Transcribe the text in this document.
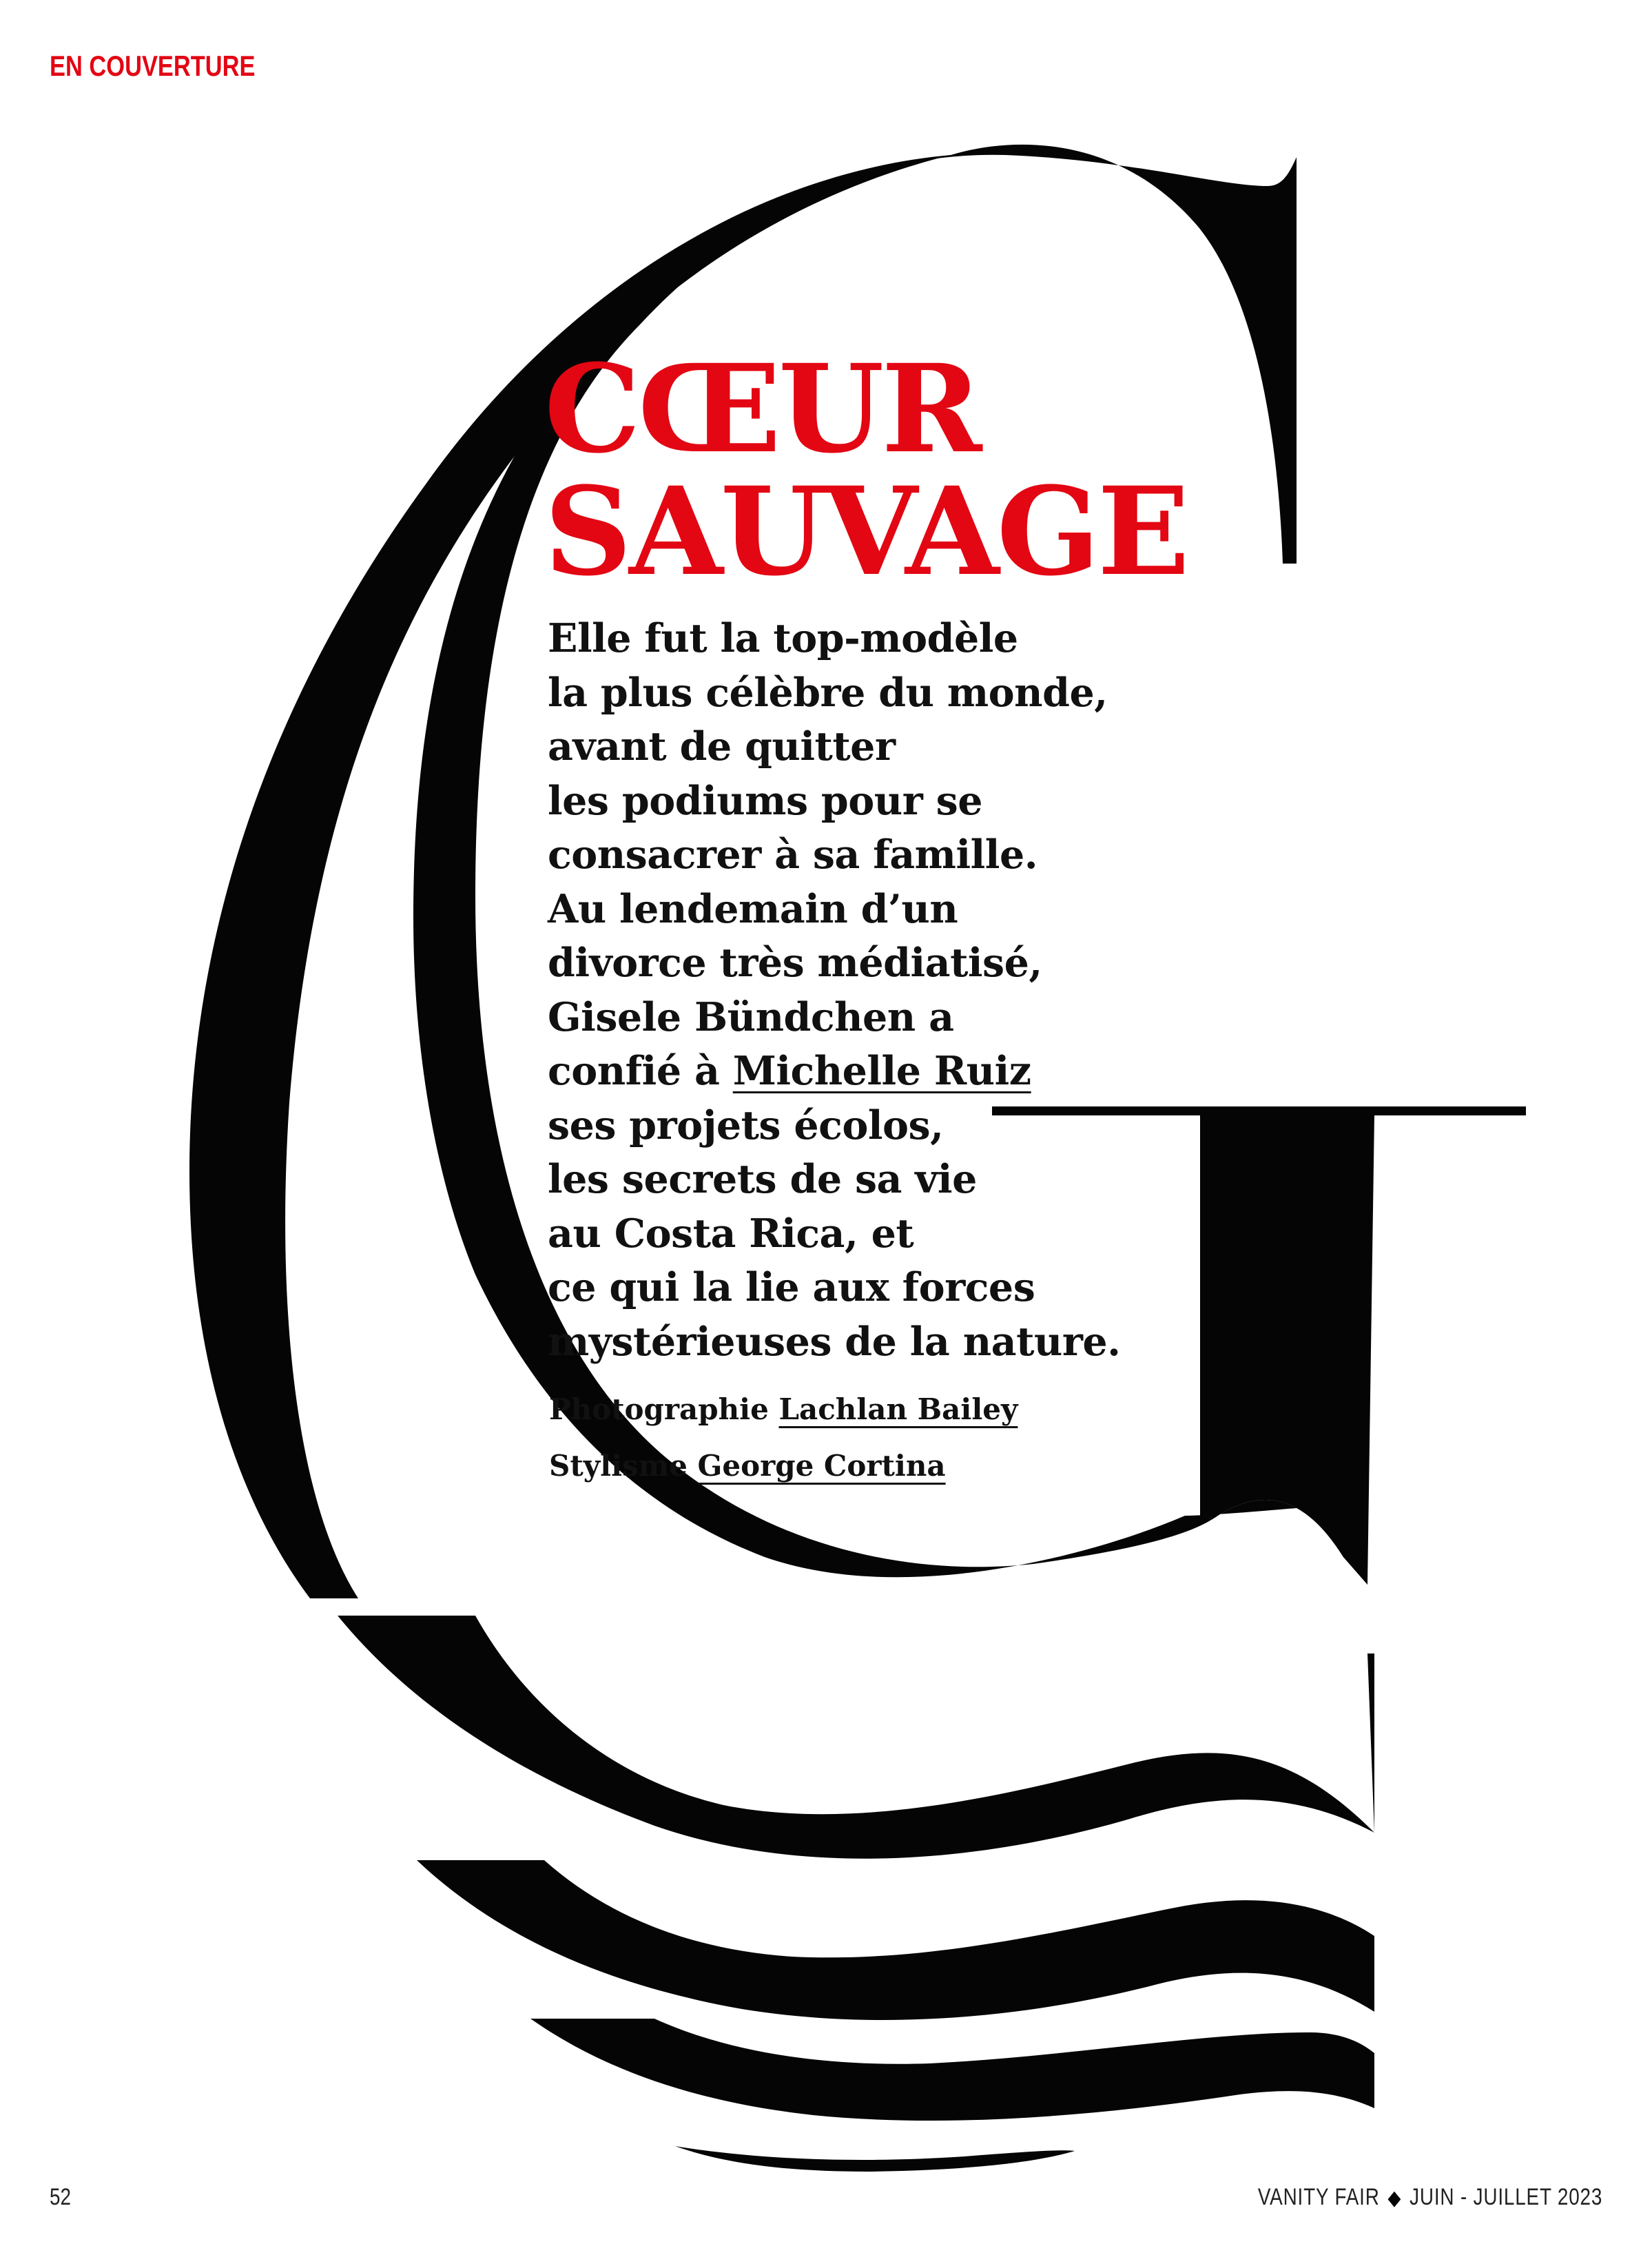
EN COUVERTURE
CŒUR
SAUVAGE
Elle fut la top-modèle
la plus célèbre du monde,
avant de quitter
les podiums pour se
consacrer à sa famille.
Au lendemain d’un
divorce très médiatisé,
Gisele Bündchen a
confié à Michelle Ruiz
ses projets écolos,
les secrets de sa vie
au Costa Rica, et
ce qui la lie aux forces
mystérieuses de la nature.
Photographie Lachlan Bailey
Stylisme George Cortina
52	VANITY FAIR ◆ JUIN - JUILLET 2023
